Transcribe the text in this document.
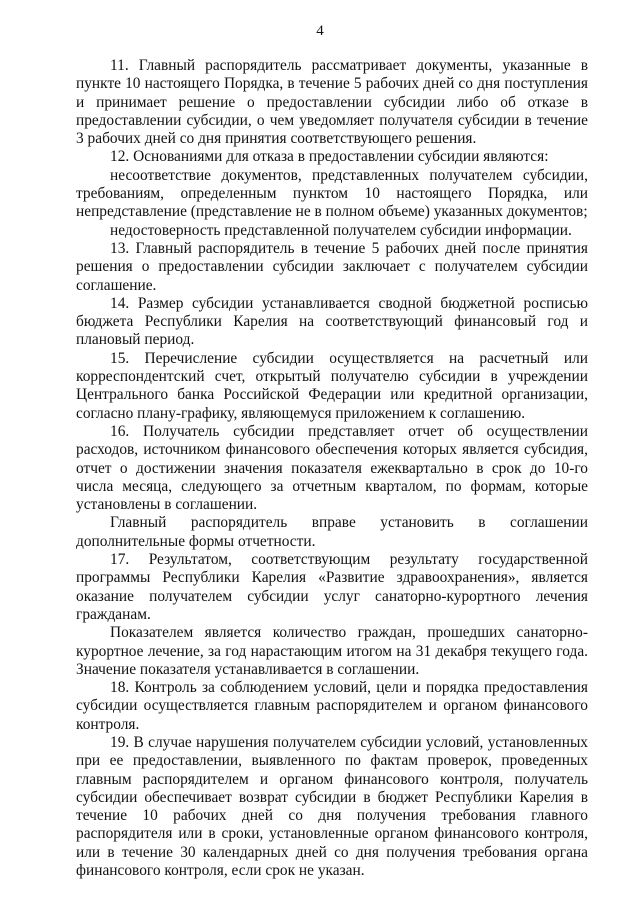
4

11. Главный распорядитель рассматривает документы, указанные в пункте 10 настоящего Порядка, в течение 5 рабочих дней со дня поступления и принимает решение о предоставлении субсидии либо об отказе в предоставлении субсидии, о чем уведомляет получателя субсидии в течение 3 рабочих дней со дня принятия соответствующего решения.

12. Основаниями для отказа в предоставлении субсидии являются:

несоответствие документов, представленных получателем субсидии, требованиям, определенным пунктом 10 настоящего Порядка, или непредставление (представление не в полном объеме) указанных документов;

недостоверность представленной получателем субсидии информации.

13. Главный распорядитель в течение 5 рабочих дней после принятия решения о предоставлении субсидии заключает с получателем субсидии соглашение.

14. Размер субсидии устанавливается сводной бюджетной росписью бюджета Республики Карелия на соответствующий финансовый год и плановый период.

15. Перечисление субсидии осуществляется на расчетный или корреспондентский счет, открытый получателю субсидии в учреждении Центрального банка Российской Федерации или кредитной организации, согласно плану-графику, являющемуся приложением к соглашению.

16. Получатель субсидии представляет отчет об осуществлении расходов, источником финансового обеспечения которых является субсидия, отчет о достижении значения показателя ежеквартально в срок до 10-го числа месяца, следующего за отчетным кварталом, по формам, которые установлены в соглашении.

Главный распорядитель вправе установить в соглашении дополнительные формы отчетности.

17. Результатом, соответствующим результату государственной программы Республики Карелия «Развитие здравоохранения», является оказание получателем субсидии услуг санаторно-курортного лечения гражданам.

Показателем является количество граждан, прошедших санаторно-курортное лечение, за год нарастающим итогом на 31 декабря текущего года. Значение показателя устанавливается в соглашении.

18. Контроль за соблюдением условий, цели и порядка предоставления субсидии осуществляется главным распорядителем и органом финансового контроля.

19. В случае нарушения получателем субсидии условий, установленных при ее предоставлении, выявленного по фактам проверок, проведенных главным распорядителем и органом финансового контроля, получатель субсидии обеспечивает возврат субсидии в бюджет Республики Карелия в течение 10 рабочих дней со дня получения требования главного распорядителя или в сроки, установленные органом финансового контроля, или в течение 30 календарных дней со дня получения требования органа финансового контроля, если срок не указан.
